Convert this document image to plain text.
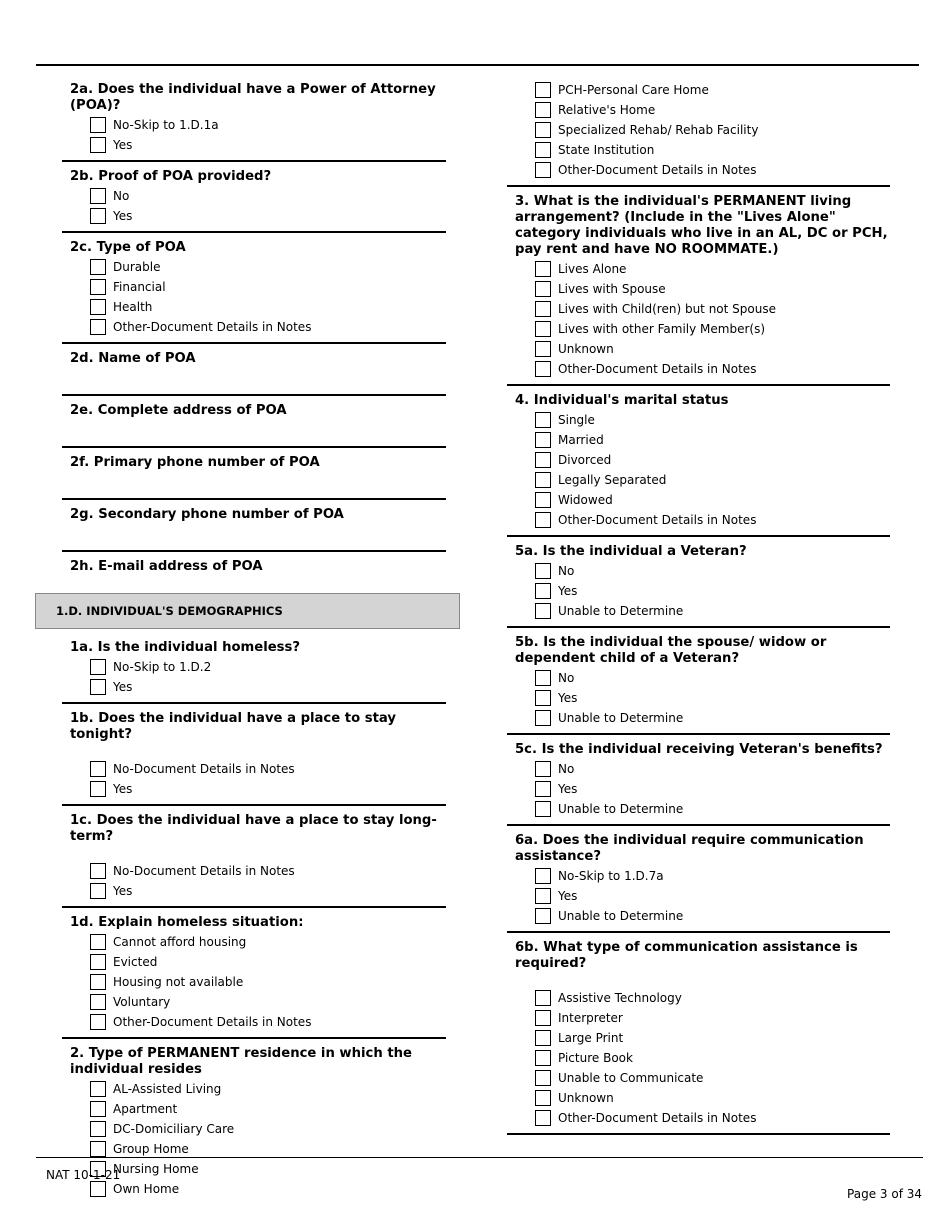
2a. Does the individual have a Power of Attorney (POA)?
No-Skip to 1.D.1a
Yes
2b. Proof of POA provided?
No
Yes
2c. Type of POA
Durable
Financial
Health
Other-Document Details in Notes
2d. Name of POA
2e. Complete address of POA
2f. Primary phone number of POA
2g. Secondary phone number of POA
2h. E-mail address of POA
1.D. INDIVIDUAL'S DEMOGRAPHICS
1a. Is the individual homeless?
No-Skip to 1.D.2
Yes
1b. Does the individual have a place to stay tonight?
No-Document Details in Notes
Yes
1c. Does the individual have a place to stay long-term?
No-Document Details in Notes
Yes
1d. Explain homeless situation:
Cannot afford housing
Evicted
Housing not available
Voluntary
Other-Document Details in Notes
2. Type of PERMANENT residence in which the individual resides
AL-Assisted Living
Apartment
DC-Domiciliary Care
Group Home
Nursing Home
Own Home
PCH-Personal Care Home
Relative's Home
Specialized Rehab/ Rehab Facility
State Institution
Other-Document Details in Notes
3. What is the individual's PERMANENT living arrangement? (Include in the "Lives Alone" category individuals who live in an AL, DC or PCH, pay rent and have NO ROOMMATE.)
Lives Alone
Lives with Spouse
Lives with Child(ren) but not Spouse
Lives with other Family Member(s)
Unknown
Other-Document Details in Notes
4. Individual's marital status
Single
Married
Divorced
Legally Separated
Widowed
Other-Document Details in Notes
5a. Is the individual a Veteran?
No
Yes
Unable to Determine
5b. Is the individual the spouse/ widow or dependent child of a Veteran?
No
Yes
Unable to Determine
5c. Is the individual receiving Veteran's benefits?
No
Yes
Unable to Determine
6a. Does the individual require communication assistance?
No-Skip to 1.D.7a
Yes
Unable to Determine
6b. What type of communication assistance is required?
Assistive Technology
Interpreter
Large Print
Picture Book
Unable to Communicate
Unknown
Other-Document Details in Notes
NAT 10-1-21
Page 3 of 34
